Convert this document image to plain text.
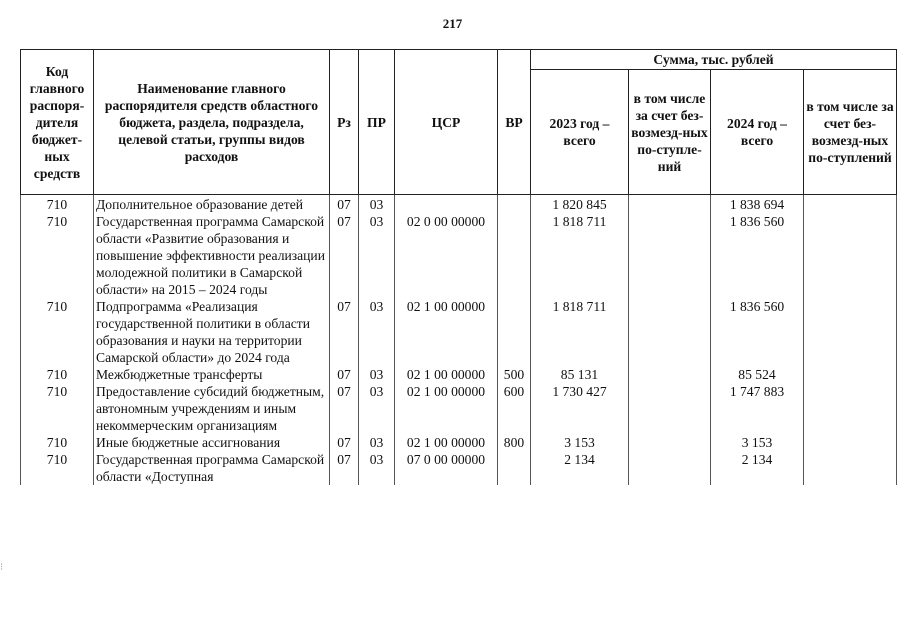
217
Код главного распоря-дителя бюджет-ных средств	Наименование главного распорядителя средств областного бюджета, раздела, подраздела, целевой статьи, группы видов расходов	Рз	ПР	ЦСР	ВР	Сумма, тыс. рублей			
						2023 год – всего	в том числе за счет без-возмезд-ных по-ступле-ний	2024 год – всего	в том числе за счет без-возмезд-ных по-ступлений
710	Дополнительное образование детей	07	03			1 820 845		1 838 694	
710	Государственная программа Самарской области «Развитие образования и повышение эффективности реализации молодежной политики в Самарской области» на 2015 – 2024 годы	07	03	02 0 00 00000		1 818 711		1 836 560	
710	Подпрограмма «Реализация государственной политики в области образования и науки на территории Самарской области» до 2024 года	07	03	02 1 00 00000		1 818 711		1 836 560	
710	Межбюджетные трансферты	07	03	02 1 00 00000	500	85 131		85 524	
710	Предоставление субсидий бюджетным, автономным учреждениям и иным некоммерческим организациям	07	03	02 1 00 00000	600	1 730 427		1 747 883	
710	Иные бюджетные ассигнования	07	03	02 1 00 00000	800	3 153		3 153	
710	Государственная программа Самарской области «Доступная	07	03	07 0 00 00000		2 134		2 134	
⁝
